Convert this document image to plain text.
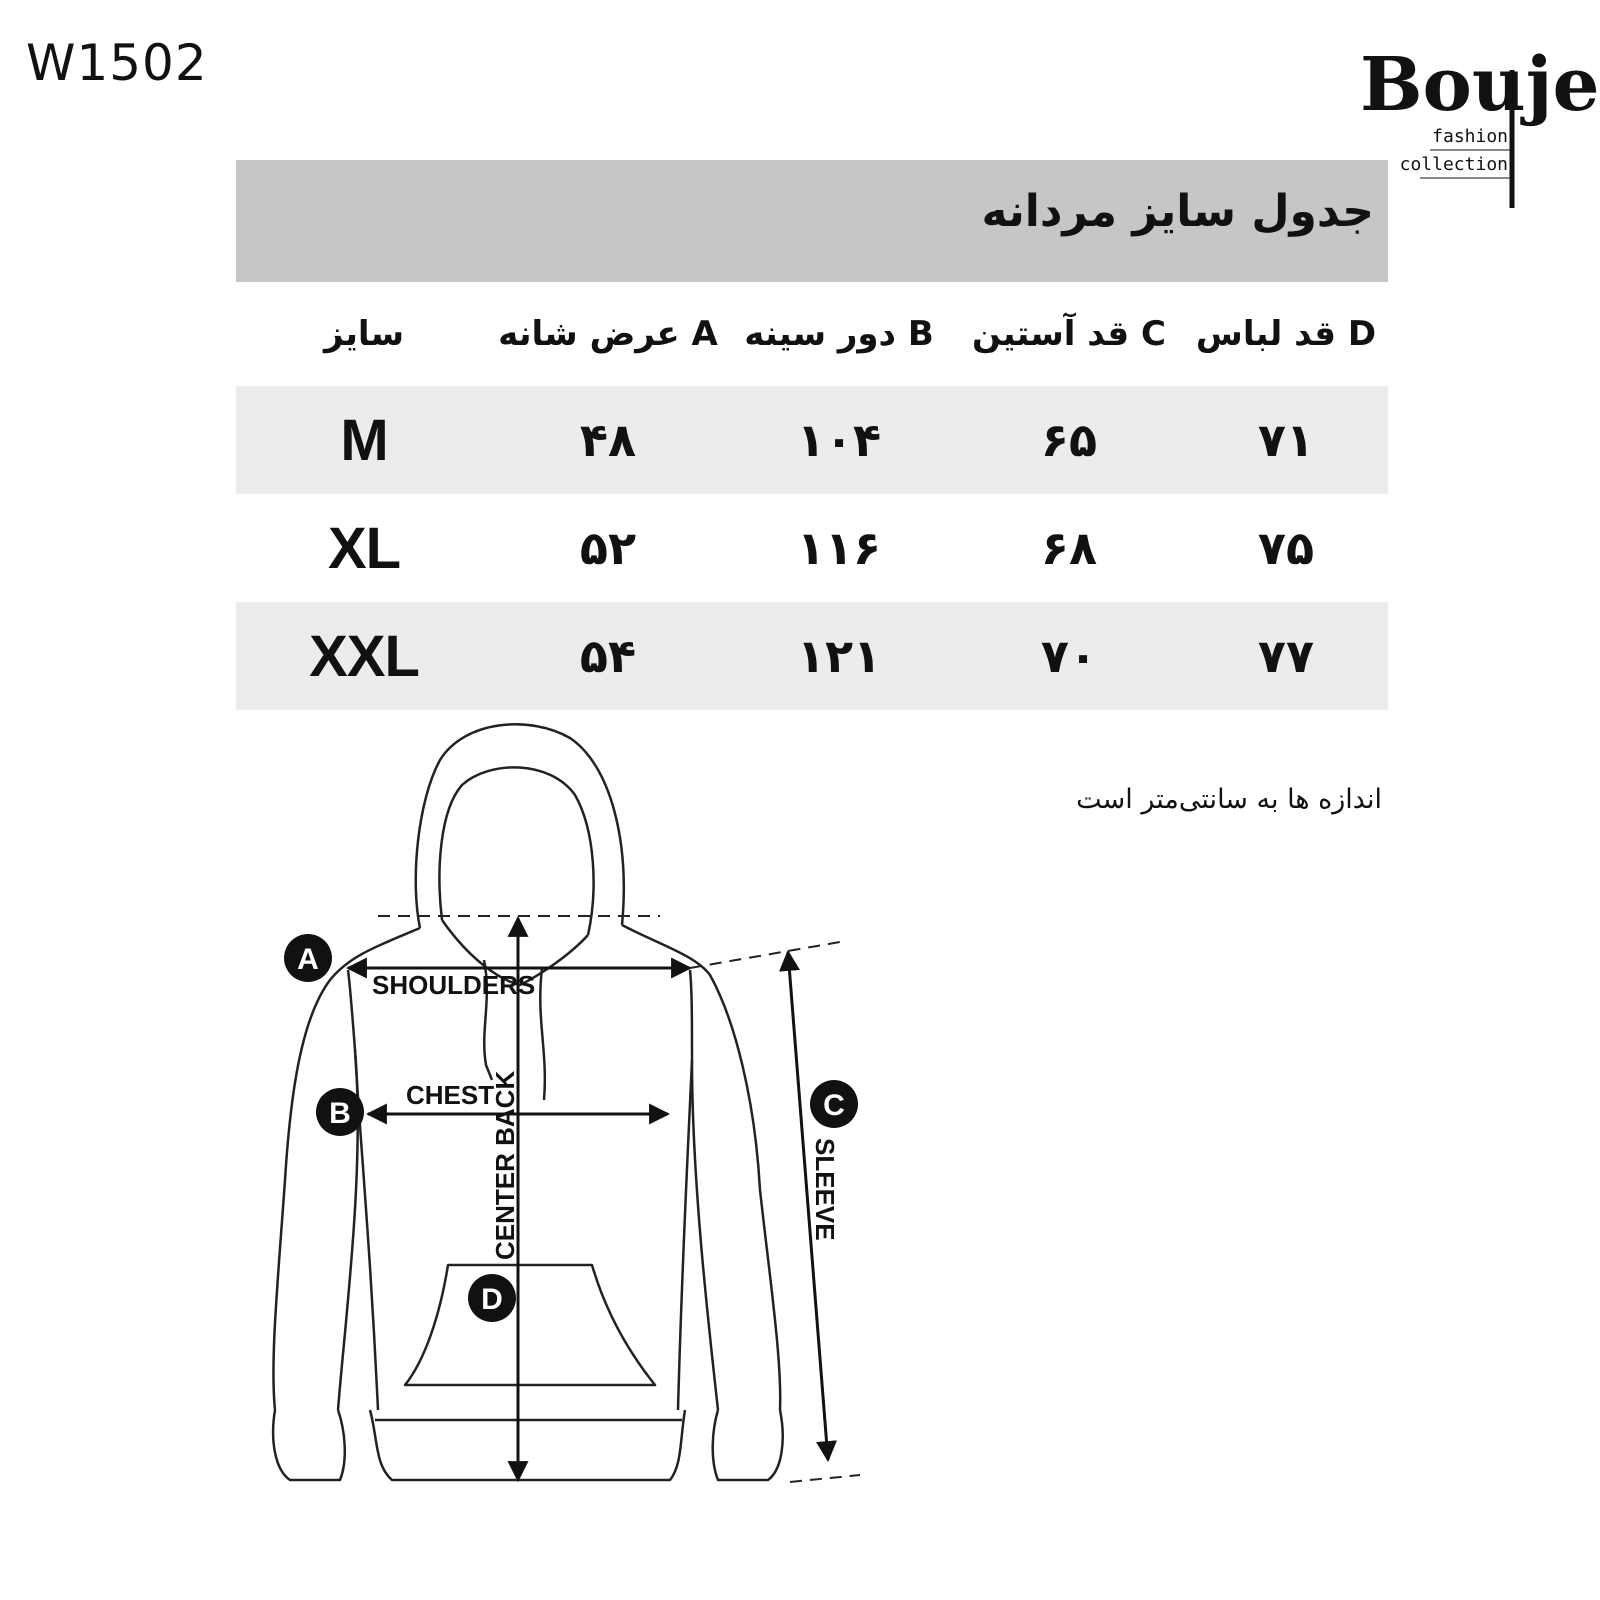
W1502	Bouje
fashion
collection
جدول سایز مردانه
سایز	A عرض شانه B دور سینه C قد آستین D قد لباس
M	۴۸	۱۰۴	۶۵	۷۱
XL	۵۲	۱۱۶	۶۸	۷۵
XXL	۵۴	۱۲۱	۷۰	۷۷
اندازه ها به سانتی‌متر است
SHOULDERS
CHEST
CENTER BACK	SLEEVE
A
B	C
D
